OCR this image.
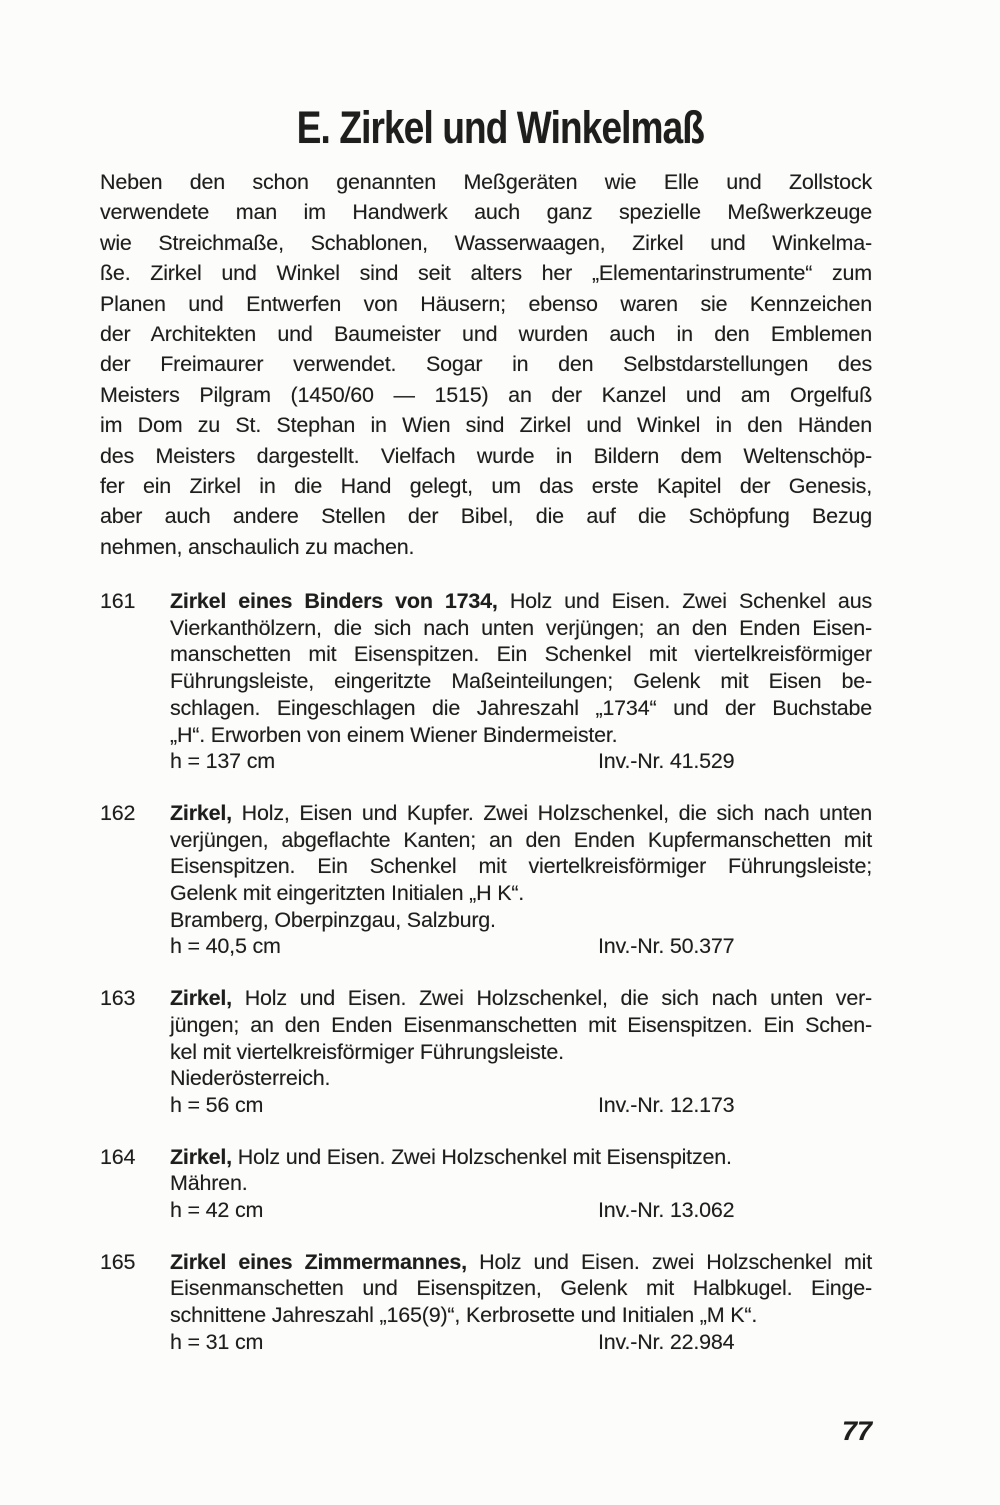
E. Zirkel und Winkelmaß
Neben den schon genannten Meßgeräten wie Elle und Zollstock
verwendete man im Handwerk auch ganz spezielle Meßwerkzeuge
wie Streichmaße, Schablonen, Wasserwaagen, Zirkel und Winkelma-
ße. Zirkel und Winkel sind seit alters her „Elementarinstrumente“ zum
Planen und Entwerfen von Häusern; ebenso waren sie Kennzeichen
der Architekten und Baumeister und wurden auch in den Emblemen
der Freimaurer verwendet. Sogar in den Selbstdarstellungen des
Meisters Pilgram (1450/60 — 1515) an der Kanzel und am Orgelfuß
im Dom zu St. Stephan in Wien sind Zirkel und Winkel in den Händen
des Meisters dargestellt. Vielfach wurde in Bildern dem Weltenschöp-
fer ein Zirkel in die Hand gelegt, um das erste Kapitel der Genesis,
aber auch andere Stellen der Bibel, die auf die Schöpfung Bezug
nehmen, anschaulich zu machen.
161	Zirkel eines Binders von 1734, Holz und Eisen. Zwei Schenkel aus
Vierkanthölzern, die sich nach unten verjüngen; an den Enden Eisen-
manschetten mit Eisenspitzen. Ein Schenkel mit viertelkreisförmiger
Führungsleiste, eingeritzte Maßeinteilungen; Gelenk mit Eisen be-
schlagen. Eingeschlagen die Jahreszahl „1734“ und der Buchstabe
„H“. Erworben von einem Wiener Bindermeister.
h = 137 cm	Inv.-Nr. 41.529
162	Zirkel, Holz, Eisen und Kupfer. Zwei Holzschenkel, die sich nach unten
verjüngen, abgeflachte Kanten; an den Enden Kupfermanschetten mit
Eisenspitzen. Ein Schenkel mit viertelkreisförmiger Führungsleiste;
Gelenk mit eingeritzten Initialen „H K“.
Bramberg, Oberpinzgau, Salzburg.
h = 40,5 cm	Inv.-Nr. 50.377
163	Zirkel, Holz und Eisen. Zwei Holzschenkel, die sich nach unten ver-
jüngen; an den Enden Eisenmanschetten mit Eisenspitzen. Ein Schen-
kel mit viertelkreisförmiger Führungsleiste.
Niederösterreich.
h = 56 cm	Inv.-Nr. 12.173
164	Zirkel, Holz und Eisen. Zwei Holzschenkel mit Eisenspitzen.
Mähren.
h = 42 cm	Inv.-Nr. 13.062
165	Zirkel eines Zimmermannes, Holz und Eisen. zwei Holzschenkel mit
Eisenmanschetten und Eisenspitzen, Gelenk mit Halbkugel. Einge-
schnittene Jahreszahl „165(9)“, Kerbrosette und Initialen „M K“.
h = 31 cm	Inv.-Nr. 22.984
77
